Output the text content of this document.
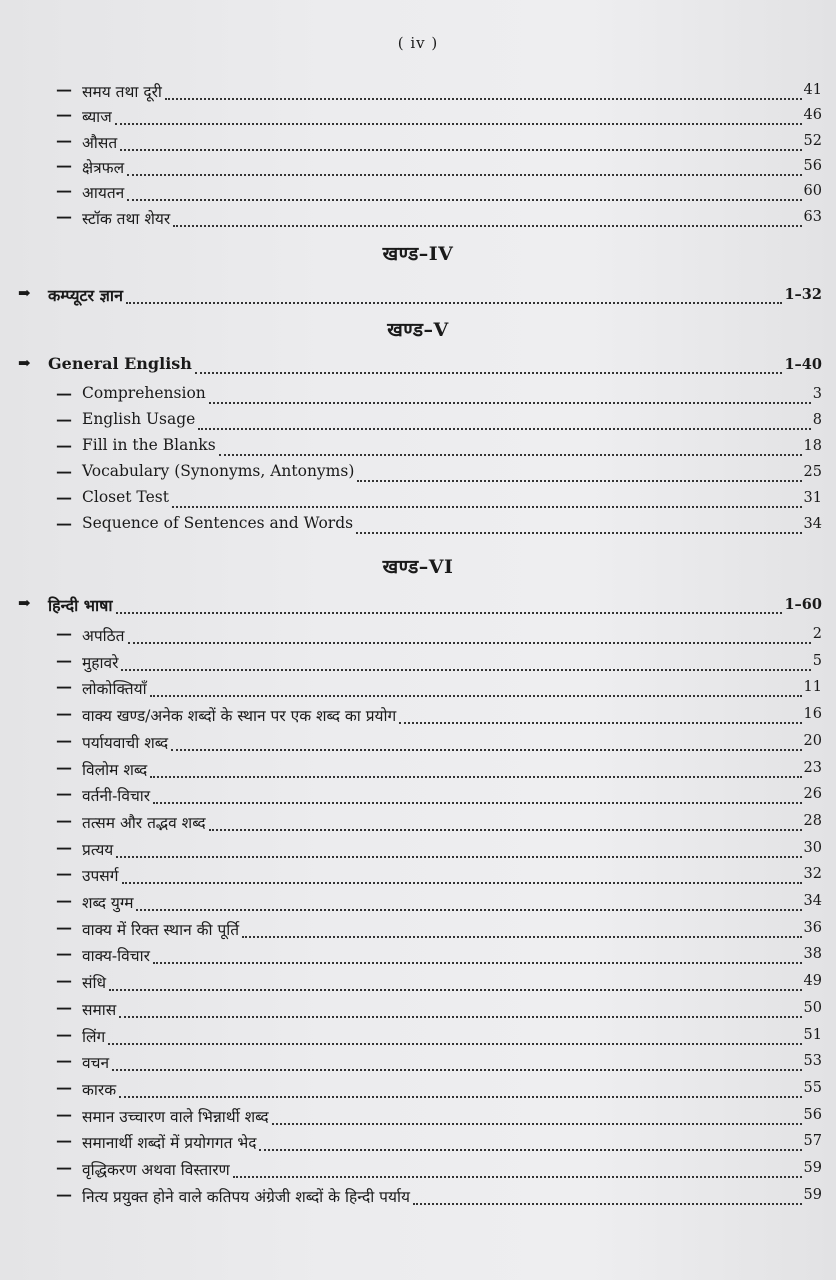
( iv )
— समय तथा दूरी	41
— ब्याज	46
— औसत	52
— क्षेत्रफल	56
— आयतन	60
— स्टॉक तथा शेयर	63
खण्ड–IV
➡ कम्प्यूटर ज्ञान	1–32
खण्ड–V
➡ General English	1–40
— Comprehension	3
— English Usage	8
— Fill in the Blanks	18
— Vocabulary (Synonyms, Antonyms)	25
— Closet Test	31
— Sequence of Sentences and Words	34
खण्ड–VI
➡ हिन्दी भाषा	1–60
— अपठित	2
— मुहावरे	5
— लोकोक्तियाँ	11
— वाक्य खण्ड/अनेक शब्दों के स्थान पर एक शब्द का प्रयोग	16
— पर्यायवाची शब्द	20
— विलोम शब्द	23
— वर्तनी-विचार	26
— तत्सम और तद्भव शब्द	28
— प्रत्यय	30
— उपसर्ग	32
— शब्द युग्म	34
— वाक्य में रिक्त स्थान की पूर्ति	36
— वाक्य-विचार	38
— संधि	49
— समास	50
— लिंग	51
— वचन	53
— कारक	55
— समान उच्चारण वाले भिन्नार्थी शब्द	56
— समानार्थी शब्दों में प्रयोगगत भेद	57
— वृद्धिकरण अथवा विस्तारण	59
— नित्य प्रयुक्त होने वाले कतिपय अंग्रेजी शब्दों के हिन्दी पर्याय	59
